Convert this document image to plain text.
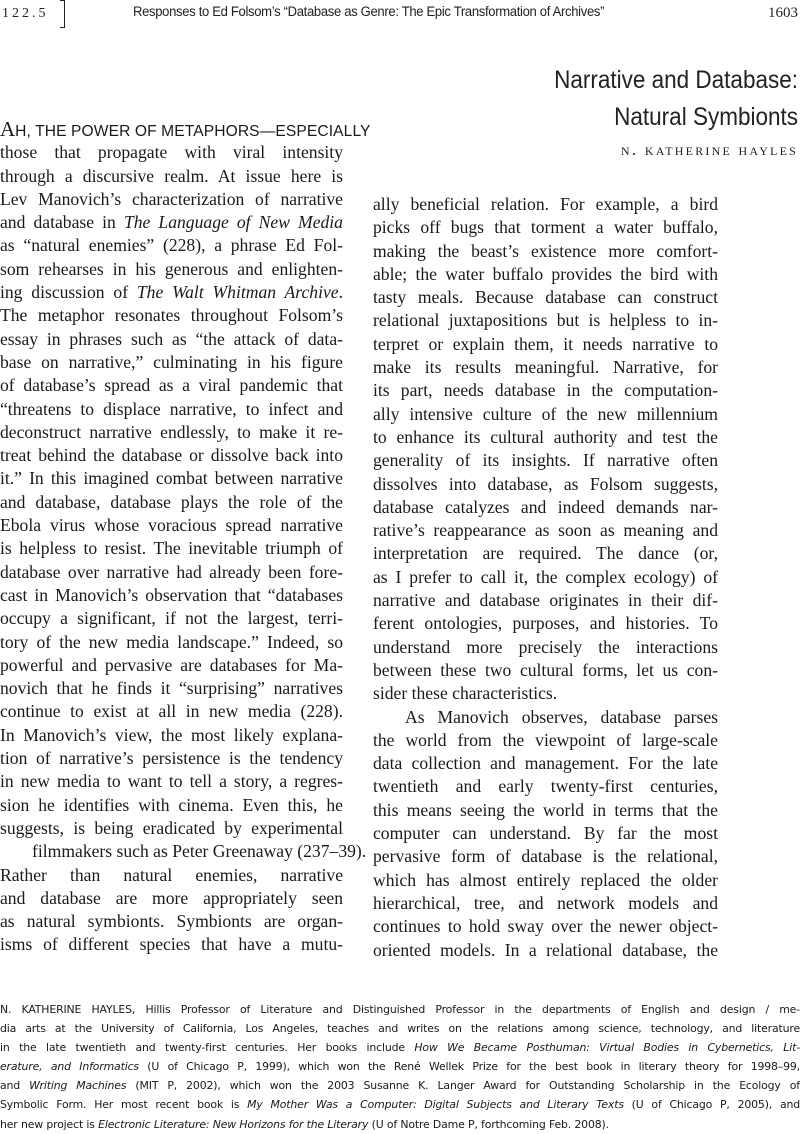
122.5	Responses to Ed Folsom’s “Database as Genre: The Epic Transformation of Archives”	1603
Narrative and Database:
Natural Symbionts
n. katherine hayles
AH, THE POWER OF METAPHORS—ESPECIALLY
those that propagate with viral intensity
through a discursive realm. At issue here is
Lev Manovich’s characterization of narrative
and database in The Language of New Media
as “natural enemies” (228), a phrase Ed Fol-
som rehearses in his generous and enlighten-
ing discussion of The Walt Whitman Archive.
The metaphor resonates throughout Folsom’s
essay in phrases such as “the attack of data-
base on narrative,” culminating in his figure
of database’s spread as a viral pandemic that
“threatens to displace narrative, to infect and
deconstruct narrative endlessly, to make it re-
treat behind the database or dissolve back into
it.” In this imagined combat between narrative
and database, database plays the role of the
Ebola virus whose voracious spread narrative
is helpless to resist. The inevitable triumph of
database over narrative had already been fore-
cast in Manovich’s observation that “databases
occupy a significant, if not the largest, terri-
tory of the new media landscape.” Indeed, so
powerful and pervasive are databases for Ma-
novich that he finds it “surprising” narratives
continue to exist at all in new media (228).
In Manovich’s view, the most likely explana-
tion of narrative’s persistence is the tendency
in new media to want to tell a story, a regres-
sion he identifies with cinema. Even this, he
suggests, is being eradicated by experimental
filmmakers such as Peter Greenaway (237–39).
Rather than natural enemies, narrative
and database are more appropriately seen
as natural symbionts. Symbionts are organ-
isms of different species that have a mutu-
ally beneficial relation. For example, a bird
picks off bugs that torment a water buffalo,
making the beast’s existence more comfort-
able; the water buffalo provides the bird with
tasty meals. Because database can construct
relational juxtapositions but is helpless to in-
terpret or explain them, it needs narrative to
make its results meaningful. Narrative, for
its part, needs database in the computation-
ally intensive culture of the new millennium
to enhance its cultural authority and test the
generality of its insights. If narrative often
dissolves into database, as Folsom suggests,
database catalyzes and indeed demands nar-
rative’s reappearance as soon as meaning and
interpretation are required. The dance (or,
as I prefer to call it, the complex ecology) of
narrative and database originates in their dif-
ferent ontologies, purposes, and histories. To
understand more precisely the interactions
between these two cultural forms, let us con-
sider these characteristics.
As Manovich observes, database parses
the world from the viewpoint of large-scale
data collection and management. For the late
twentieth and early twenty-first centuries,
this means seeing the world in terms that the
computer can understand. By far the most
pervasive form of database is the relational,
which has almost entirely replaced the older
hierarchical, tree, and network models and
continues to hold sway over the newer object-
oriented models. In a relational database, the
N. KATHERINE HAYLES, Hillis Professor of Literature and Distinguished Professor in the departments of English and design / me-
dia arts at the University of California, Los Angeles, teaches and writes on the relations among science, technology, and literature
in the late twentieth and twenty-first centuries. Her books include How We Became Posthuman: Virtual Bodies in Cybernetics, Lit-
erature, and Informatics (U of Chicago P, 1999), which won the René Wellek Prize for the best book in literary theory for 1998–99,
and Writing Machines (MIT P, 2002), which won the 2003 Susanne K. Langer Award for Outstanding Scholarship in the Ecology of
Symbolic Form. Her most recent book is My Mother Was a Computer: Digital Subjects and Literary Texts (U of Chicago P, 2005), and
her new project is Electronic Literature: New Horizons for the Literary (U of Notre Dame P, forthcoming Feb. 2008).
